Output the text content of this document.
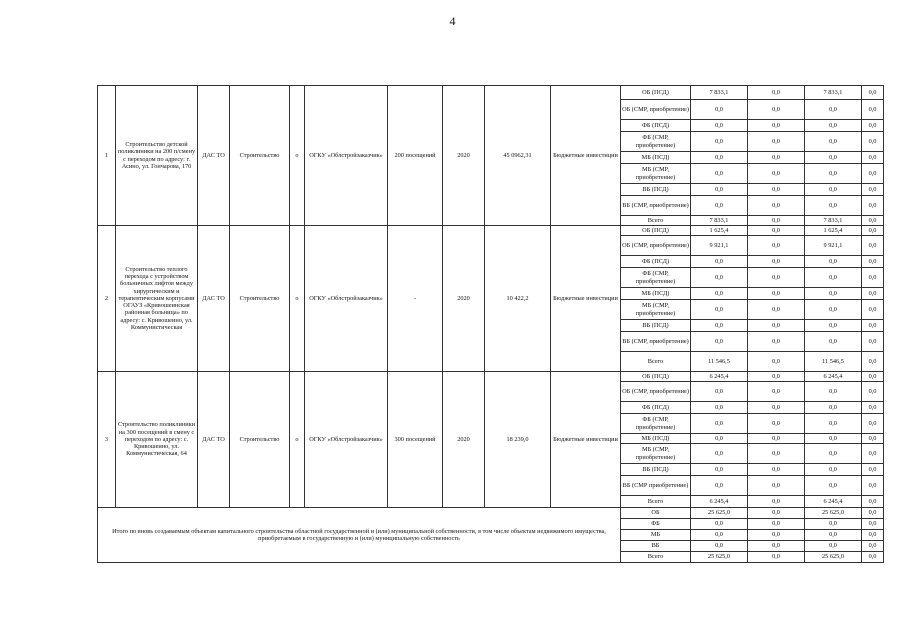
4
1	Строительство детской поликлиники на 200 п/смену с переходом по адресу: г. Асино, ул. Гончарова, 170	ДАС ТО	Строительство	о	ОГКУ «Облстройзаказчик»	200 посещений	2020	45 0962,31	Бюджетные инвестиции	ОБ (ПСД)	7 833,1	0,0	7 833,1	0,0
										ОБ (СМР, приобретение)	0,0	0,0	0,0	0,0
										ФБ (ПСД)	0,0	0,0	0,0	0,0
										ФБ (СМР, приобретение)	0,0	0,0	0,0	0,0
										МБ (ПСД)	0,0	0,0	0,0	0,0
										МБ (СМР, приобретение)	0,0	0,0	0,0	0,0
										ВБ (ПСД)	0,0	0,0	0,0	0,0
										ВБ (СМР, приобретение)	0,0	0,0	0,0	0,0
										Всего	7 833,1	0,0	7 833,1	0,0
2	Строительство теплого перехода с устройством больничных лифтов между хирургическим и терапевтическим корпусами ОГАУЗ «Кривошеинская районная больница» по адресу: с. Кривошеино, ул. Коммунистическая	ДАС ТО	Строительство	о	ОГКУ «Облстройзаказчик»	-	2020	10 422,2	Бюджетные инвестиции	ОБ (ПСД)	1 625,4	0,0	1 625,4	0,0
										ОБ (СМР, приобретение)	9 921,1	0,0	9 921,1	0,0
										ФБ (ПСД)	0,0	0,0	0,0	0,0
										ФБ (СМР, приобретение)	0,0	0,0	0,0	0,0
										МБ (ПСД)	0,0	0,0	0,0	0,0
										МБ (СМР, приобретение)	0,0	0,0	0,0	0,0
										ВБ (ПСД)	0,0	0,0	0,0	0,0
										ВБ (СМР, приобретение)	0,0	0,0	0,0	0,0
										Всего	11 546,5	0,0	11 546,5	0,0
3	Строительство поликлиники на 300 посещений в смену с переходом по адресу: с. Кривошеино, ул. Коммунистическая, 64	ДАС ТО	Строительство	о	ОГКУ «Облстройзаказчик»	300 посещений	2020	18 239,0	Бюджетные инвестиции	ОБ (ПСД)	6 245,4	0,0	6 245,4	0,0
										ОБ (СМР, приобретение)	0,0	0,0	0,0	0,0
										ФБ (ПСД)	0,0	0,0	0,0	0,0
										ФБ (СМР, приобретение)	0,0	0,0	0,0	0,0
										МБ (ПСД)	0,0	0,0	0,0	0,0
										МБ (СМР, приобретение)	0,0	0,0	0,0	0,0
										ВБ (ПСД)	0,0	0,0	0,0	0,0
										ВБ (СМР приобретение)	0,0	0,0	0,0	0,0
										Всего	6 245,4	0,0	6 245,4	0,0
Итого по вновь создаваемым объектам капитального строительства областной государственной и (или) муниципальной собственности, в том числе объектам недвижимого имущества, приобретаемым в государственную и (или) муниципальную собственность										ОБ	25 625,0	0,0	25 625,0	0,0
										ФБ	0,0	0,0	0,0	0,0
										МБ	0,0	0,0	0,0	0,0
										ВБ	0,0	0,0	0,0	0,0
										Всего	25 625,0	0,0	25 625,0	0,0
